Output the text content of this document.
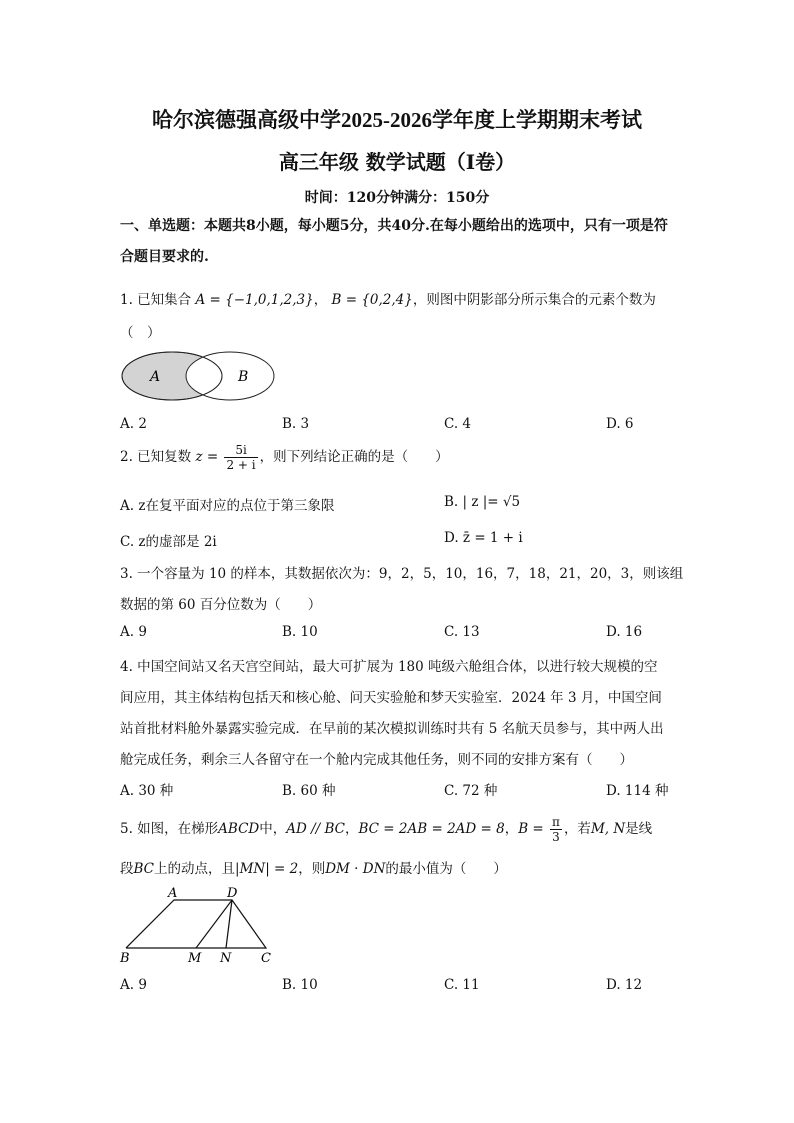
哈尔滨德强高级中学2025-2026学年度上学期期末考试
高三年级 数学试题（I卷）
时间：120分钟满分：150分
一、单选题：本题共8小题，每小题5分，共40分.在每小题给出的选项中，只有一项是符合题目要求的.
1. 已知集合 A = {−1,0,1,2,3}， B = {0,2,4}，则图中阴影部分所示集合的元素个数为
（　）
A	B
A. 2	B. 3	C. 4	D. 6
2. 已知复数 $z = \frac{5i}{2 + i}$ ，则下列结论正确的是（　　）
A. z在复平面对应的点位于第三象限	B. | z |= √5
C. z的虚部是 2i	D. z̄ = 1 + i
3. 一个容量为 10 的样本，其数据依次为：9，2，5，10，16，7，18，21，20，3，则该组
数据的第 60 百分位数为（　　）
A. 9	B. 10	C. 13	D. 16
4. 中国空间站又名天宫空间站，最大可扩展为 180 吨级六舱组合体，以进行较大规模的空
间应用，其主体结构包括天和核心舱、问天实验舱和梦天实验室．2024 年 3 月，中国空间
站首批材料舱外暴露实验完成．在早前的某次模拟训练时共有 5 名航天员参与，其中两人出
舱完成任务，剩余三人各留守在一个舱内完成其他任务，则不同的安排方案有（　　）
A. 30 种	B. 60 种	C. 72 种	D. 114 种
5. 如图，在梯形ABCD中，AD // BC，BC = 2AB = 2AD = 8，$B = \frac{\pi}{3}$ ，若M, N是线
段BC上的动点，且|MN| = 2，则DM · DN的最小值为（　　）
A	D
B	M N C
A. 9	B. 10	C. 11	D. 12
